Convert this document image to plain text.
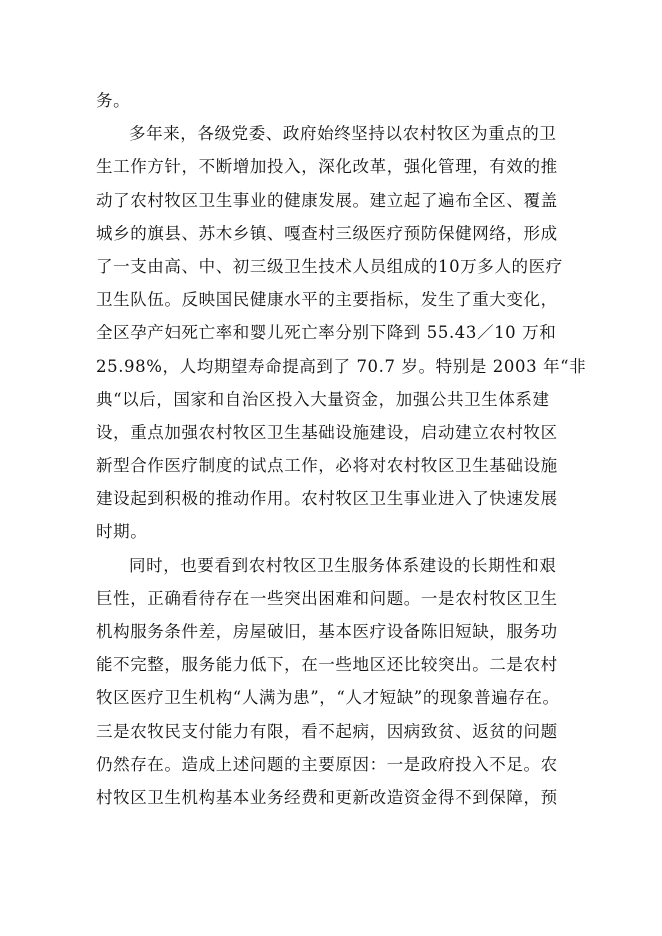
务。
多年来，各级党委、政府始终坚持以农村牧区为重点的卫
生工作方针，不断增加投入，深化改革，强化管理，有效的推
动了农村牧区卫生事业的健康发展。建立起了遍布全区、覆盖
城乡的旗县、苏木乡镇、嘎查村三级医疗预防保健网络，形成
了一支由高、中、初三级卫生技术人员组成的10万多人的医疗
卫生队伍。反映国民健康水平的主要指标，发生了重大变化，
全区孕产妇死亡率和婴儿死亡率分别下降到 55.43／10 万和
25.98%，人均期望寿命提高到了 70.7 岁。特别是 2003 年“非
典“以后，国家和自治区投入大量资金，加强公共卫生体系建
设，重点加强农村牧区卫生基础设施建设，启动建立农村牧区
新型合作医疗制度的试点工作，必将对农村牧区卫生基础设施
建设起到积极的推动作用。农村牧区卫生事业进入了快速发展
时期。
同时，也要看到农村牧区卫生服务体系建设的长期性和艰
巨性，正确看待存在一些突出困难和问题。一是农村牧区卫生
机构服务条件差，房屋破旧，基本医疗设备陈旧短缺，服务功
能不完整，服务能力低下，在一些地区还比较突出。二是农村
牧区医疗卫生机构“人满为患”，“人才短缺”的现象普遍存在。
三是农牧民支付能力有限，看不起病，因病致贫、返贫的问题
仍然存在。造成上述问题的主要原因：一是政府投入不足。农
村牧区卫生机构基本业务经费和更新改造资金得不到保障，预
